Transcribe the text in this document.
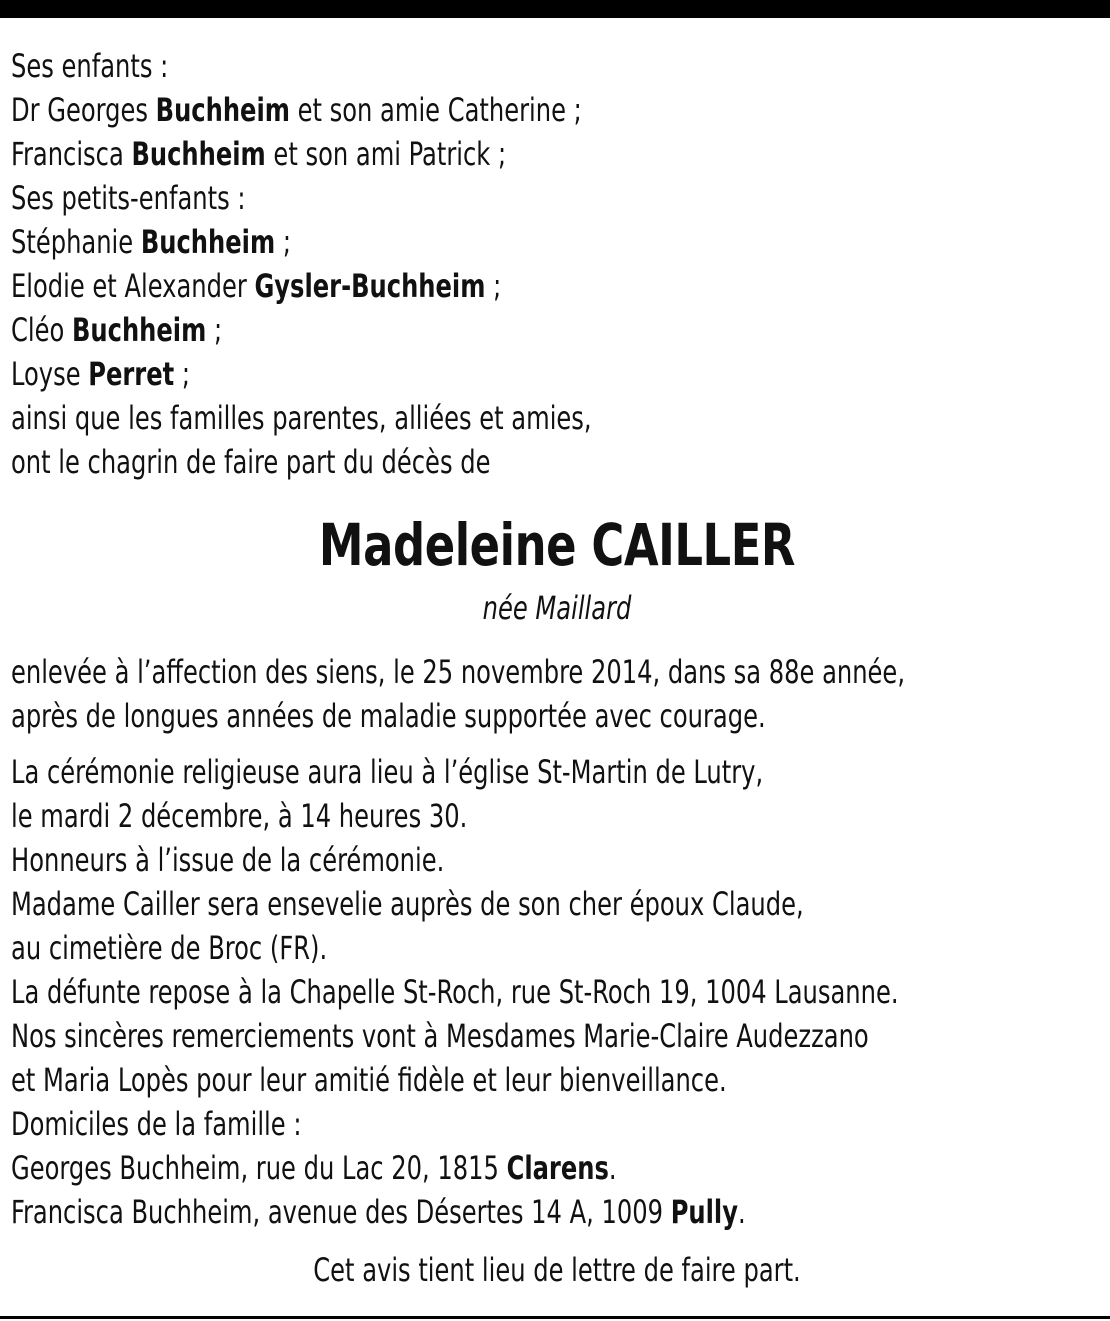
Ses enfants :
Dr Georges Buchheim et son amie Catherine ;
Francisca Buchheim et son ami Patrick ;
Ses petits-enfants :
Stéphanie Buchheim ;
Elodie et Alexander Gysler-Buchheim ;
Cléo Buchheim ;
Loyse Perret ;
ainsi que les familles parentes, alliées et amies,
ont le chagrin de faire part du décès de
Madeleine CAILLER
née Maillard
enlevée à l’affection des siens, le 25 novembre 2014, dans sa 88e année,
après de longues années de maladie supportée avec courage.
La cérémonie religieuse aura lieu à l’église St-Martin de Lutry,
le mardi 2 décembre, à 14 heures 30.
Honneurs à l’issue de la cérémonie.
Madame Cailler sera ensevelie auprès de son cher époux Claude,
au cimetière de Broc (FR).
La défunte repose à la Chapelle St-Roch, rue St-Roch 19, 1004 Lausanne.
Nos sincères remerciements vont à Mesdames Marie-Claire Audezzano
et Maria Lopès pour leur amitié fidèle et leur bienveillance.
Domiciles de la famille :
Georges Buchheim, rue du Lac 20, 1815 Clarens.
Francisca Buchheim, avenue des Désertes 14 A, 1009 Pully.
Cet avis tient lieu de lettre de faire part.
